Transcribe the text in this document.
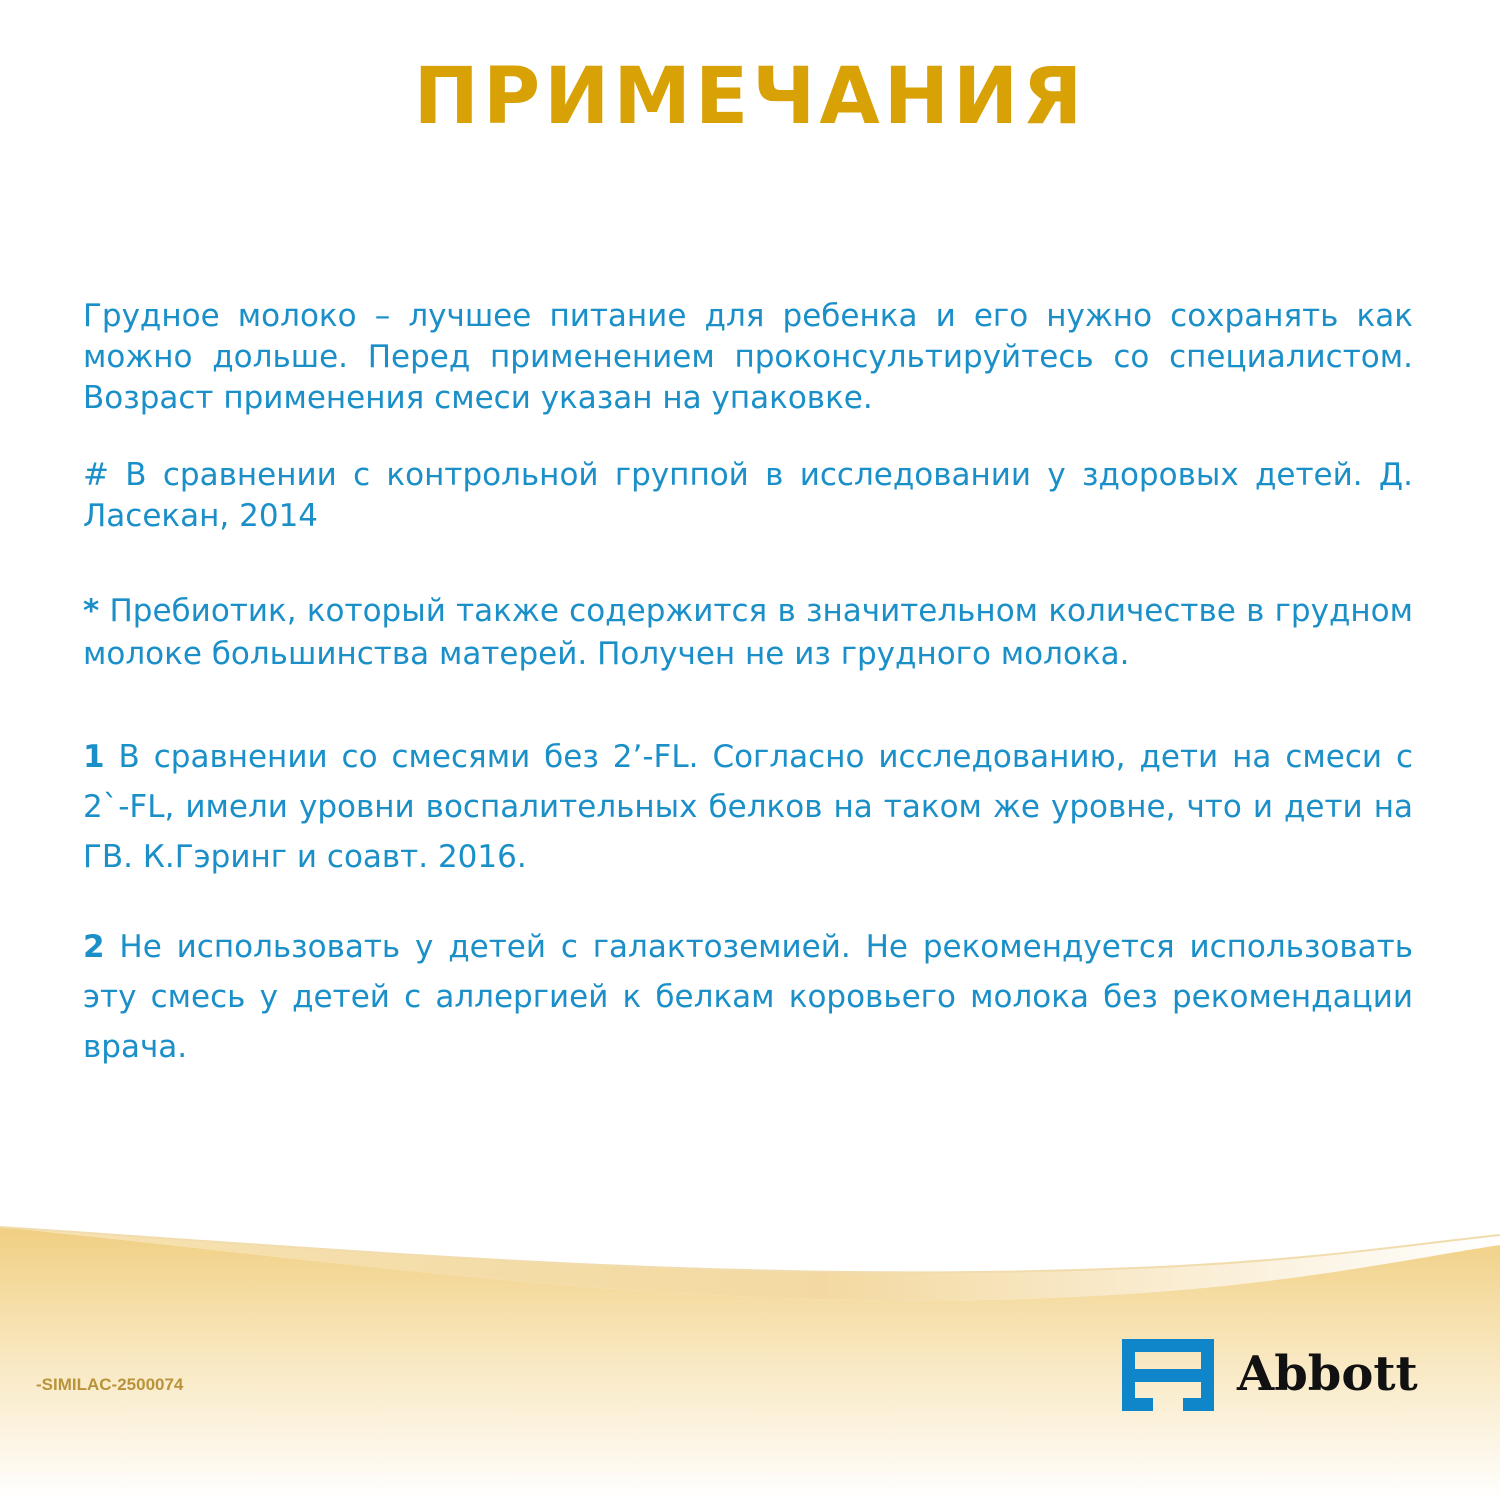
ПРИМЕЧАНИЯ

Грудное молоко – лучшее питание для ребенка и его нужно сохранять как можно дольше. Перед применением проконсультируйтесь со специалистом. Возраст применения смеси указан на упаковке.

# В сравнении с контрольной группой в исследовании у здоровых детей. Д. Ласекан, 2014

* Пребиотик, который также содержится в значительном количестве в грудном молоке большинства матерей. Получен не из грудного молока.

1 В сравнении со смесями без 2’-FL. Согласно исследованию, дети на смеси с 2`-FL, имели уровни воспалительных белков на таком же уровне, что и дети на ГВ. К.Гэринг и соавт. 2016.

2 Не использовать у детей с галактоземией. Не рекомендуется использовать эту смесь у детей с аллергией к белкам коровьего молока без рекомендации врача.

-SIMILAC-2500074	Abbott
